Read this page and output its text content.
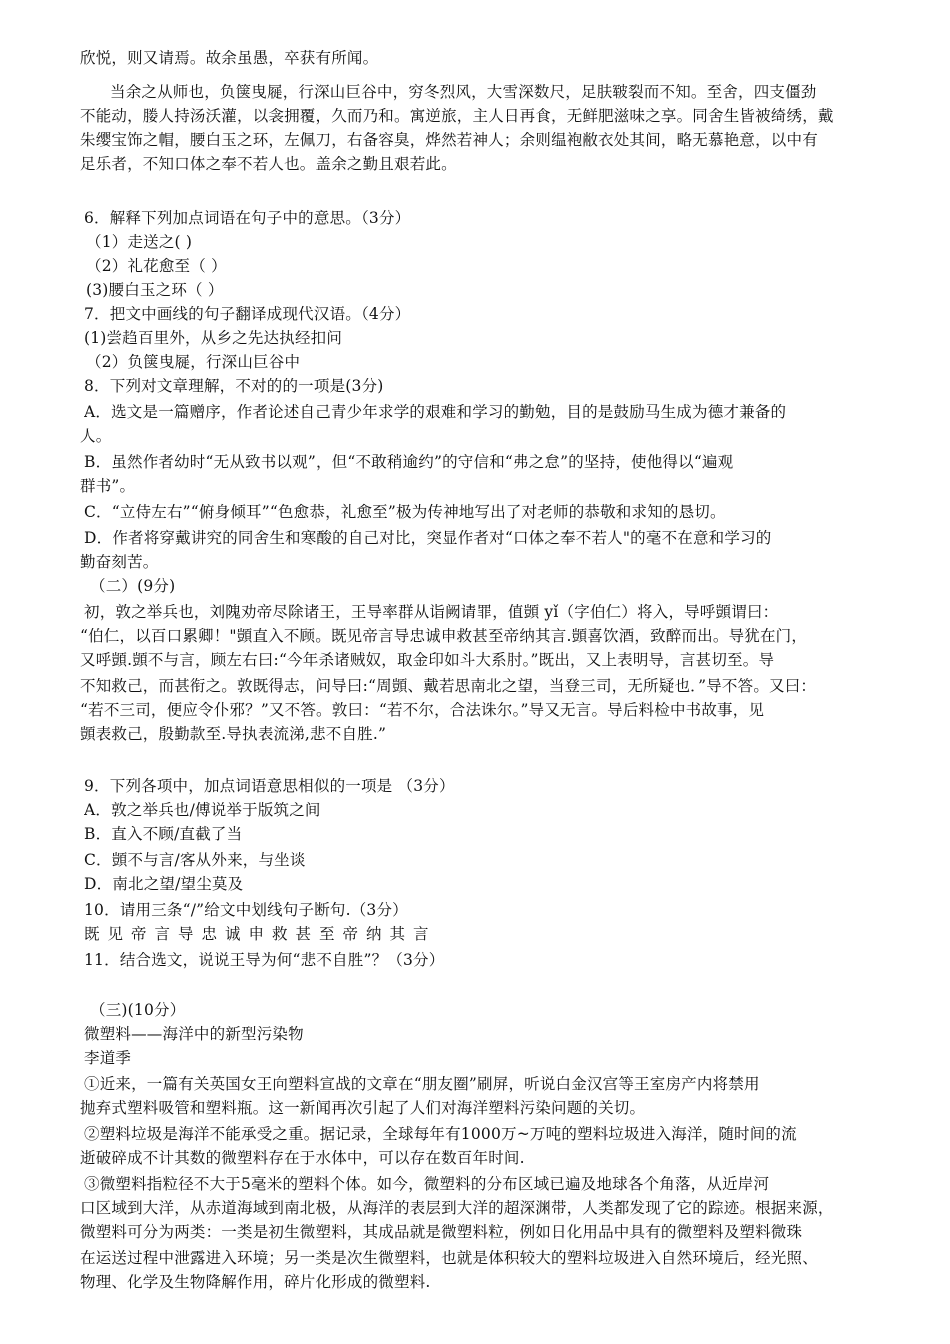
欣悦，则又请焉。故余虽愚，卒获有所闻。
当余之从师也，负箧曳屣，行深山巨谷中，穷冬烈风，大雪深数尺，足肤皲裂而不知。至舍，四支僵劲
不能动，媵人持汤沃灌，以衾拥覆，久而乃和。寓逆旅，主人日再食，无鲜肥滋味之享。同舍生皆被绮绣，戴
朱缨宝饰之帽，腰白玉之环，左佩刀，右备容臭，烨然若神人；余则缊袍敝衣处其间，略无慕艳意，以中有
足乐者，不知口体之奉不若人也。盖余之勤且艰若此。
6．解释下列加点词语在句子中的意思。（3分）
（1）走送之( )
（2）礼花愈至（ ）
(3)腰白玉之环（ ）
7．把文中画线的句子翻译成现代汉语。（4分）
(1)尝趋百里外，从乡之先达执经扣问
（2）负箧曳屣，行深山巨谷中
8．下列对文章理解，不对的的一项是(3分)
A．选文是一篇赠序，作者论述自己青少年求学的艰难和学习的勤勉，目的是鼓励马生成为德才兼备的
人。
B．虽然作者幼时“无从致书以观”，但“不敢稍逾约”的守信和“弗之怠”的坚持，使他得以“遍观
群书”。
C．“立侍左右”“俯身倾耳”“色愈恭，礼愈至”极为传神地写出了对老师的恭敬和求知的恳切。
D．作者将穿戴讲究的同舍生和寒酸的自己对比，突显作者对“口体之奉不若人"的毫不在意和学习的
勤奋刻苦。
（二）(9分)
初，敦之举兵也，刘隗劝帝尽除诸王，王导率群从诣阙请罪，值顗 yǐ（字伯仁）将入，导呼顗谓曰：
“伯仁，以百口累卿！"顗直入不顾。既见帝言导忠诚申救甚至帝纳其言.顗喜饮酒，致醉而出。导犹在门，
又呼顗.顗不与言，顾左右曰:“今年杀诸贼奴，取金印如斗大系肘。”既出，又上表明导，言甚切至。导
不知救己，而甚衔之。敦既得志，问导曰:“周顗、戴若思南北之望，当登三司，无所疑也．”导不答。又曰：
“若不三司，便应令仆邪？”又不答。敦曰：“若不尔，合法诛尔。”导又无言。导后料检中书故事，见
顗表救己，殷勤款至.导执表流涕,悲不自胜.”
9．下列各项中，加点词语意思相似的一项是 （3分）
A．敦之举兵也/傅说举于版筑之间
B．直入不顾/直截了当
C．顗不与言/客从外来，与坐谈
D．南北之望/望尘莫及
10．请用三条“/”给文中划线句子断句.（3分）
既见帝言导忠诚申救甚至帝纳其言
11．结合选文，说说王导为何“悲不自胜”？（3分）
（三)(10分）
微塑料——海洋中的新型污染物
李道季
①近来，一篇有关英国女王向塑料宣战的文章在“朋友圈”刷屏，听说白金汉宫等王室房产内将禁用
抛弃式塑料吸管和塑料瓶。这一新闻再次引起了人们对海洋塑料污染问题的关切。
②塑料垃圾是海洋不能承受之重。据记录，全球每年有1000万~万吨的塑料垃圾进入海洋，随时间的流
逝破碎成不计其数的微塑料存在于水体中，可以存在数百年时间.
③微塑料指粒径不大于5毫米的塑料个体。如今，微塑料的分布区域已遍及地球各个角落，从近岸河
口区域到大洋，从赤道海域到南北极，从海洋的表层到大洋的超深渊带，人类都发现了它的踪迹。根据来源，
微塑料可分为两类：一类是初生微塑料，其成品就是微塑料粒，例如日化用品中具有的微塑料及塑料微珠
在运送过程中泄露进入环境；另一类是次生微塑料，也就是体积较大的塑料垃圾进入自然环境后，经光照、
物理、化学及生物降解作用，碎片化形成的微塑料.
